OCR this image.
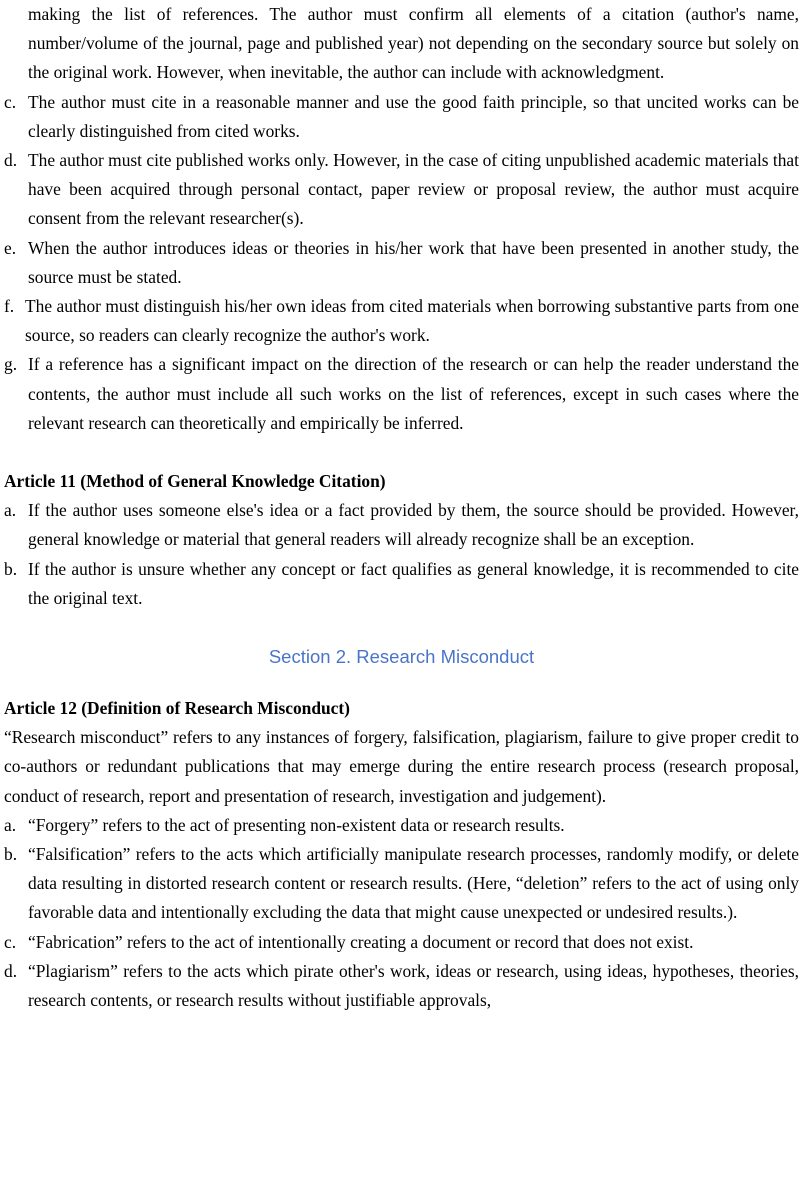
making the list of references. The author must confirm all elements of a citation (author's name, number/volume of the journal, page and published year) not depending on the secondary source but solely on the original work. However, when inevitable, the author can include with acknowledgment.
c. The author must cite in a reasonable manner and use the good faith principle, so that uncited works can be clearly distinguished from cited works.
d. The author must cite published works only. However, in the case of citing unpublished academic materials that have been acquired through personal contact, paper review or proposal review, the author must acquire consent from the relevant researcher(s).
e. When the author introduces ideas or theories in his/her work that have been presented in another study, the source must be stated.
f. The author must distinguish his/her own ideas from cited materials when borrowing substantive parts from one source, so readers can clearly recognize the author's work.
g. If a reference has a significant impact on the direction of the research or can help the reader understand the contents, the author must include all such works on the list of references, except in such cases where the relevant research can theoretically and empirically be inferred.
Article 11 (Method of General Knowledge Citation)
a. If the author uses someone else's idea or a fact provided by them, the source should be provided. However, general knowledge or material that general readers will already recognize shall be an exception.
b. If the author is unsure whether any concept or fact qualifies as general knowledge, it is recommended to cite the original text.
Section 2. Research Misconduct
Article 12 (Definition of Research Misconduct)
“Research misconduct” refers to any instances of forgery, falsification, plagiarism, failure to give proper credit to co-authors or redundant publications that may emerge during the entire research process (research proposal, conduct of research, report and presentation of research, investigation and judgement).
a. “Forgery” refers to the act of presenting non-existent data or research results.
b. “Falsification” refers to the acts which artificially manipulate research processes, randomly modify, or delete data resulting in distorted research content or research results. (Here, “deletion” refers to the act of using only favorable data and intentionally excluding the data that might cause unexpected or undesired results.).
c. “Fabrication” refers to the act of intentionally creating a document or record that does not exist.
d. “Plagiarism” refers to the acts which pirate other's work, ideas or research, using ideas, hypotheses, theories, research contents, or research results without justifiable approvals,
